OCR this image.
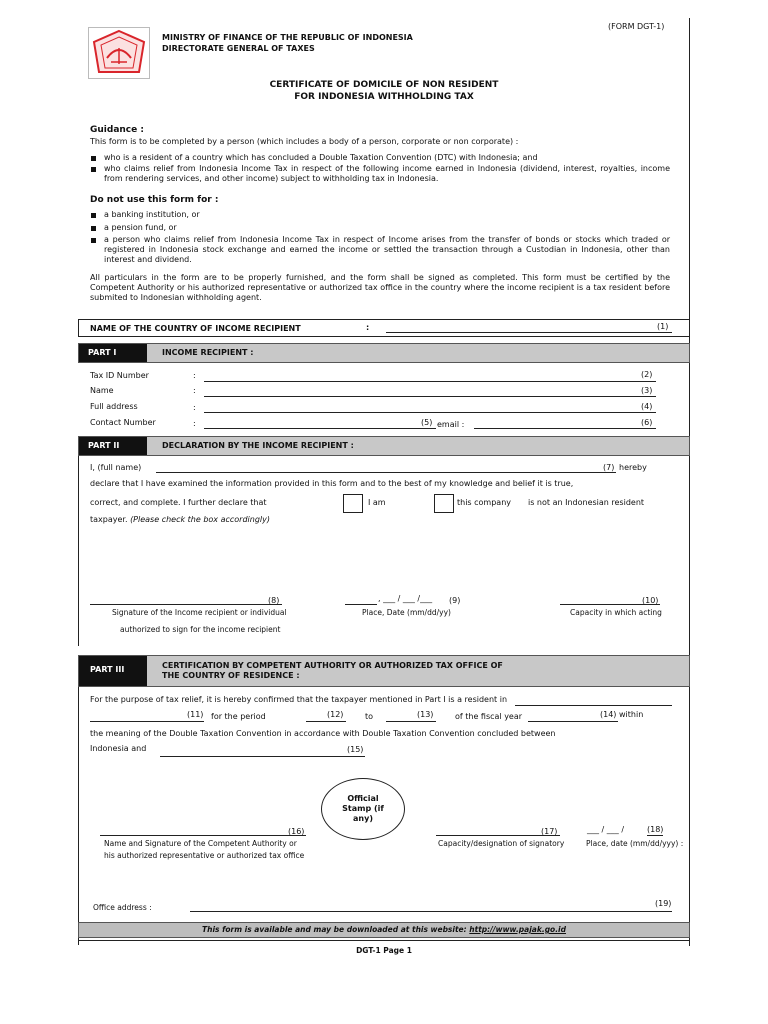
(FORM DGT-1)
MINISTRY OF FINANCE OF THE REPUBLIC OF INDONESIA
DIRECTORATE GENERAL OF TAXES
CERTIFICATE OF DOMICILE OF NON RESIDENT
FOR INDONESIA WITHHOLDING TAX
Guidance :
This form is to be completed by a person (which includes a body of a person, corporate or non corporate) :
who is a resident of a country which has concluded a Double Taxation Convention (DTC) with Indonesia; and
who claims relief from Indonesia Income Tax in respect of the following income earned in Indonesia (dividend, interest, royalties, income from rendering services, and other income) subject to withholding tax in Indonesia.
Do not use this form for :
a banking institution, or
a pension fund, or
a person who claims relief from Indonesia Income Tax in respect of Income arises from the transfer of bonds or stocks which traded or registered in Indonesia stock exchange and earned the income or settled the transaction through a Custodian in Indonesia, other than interest and dividend.
All particulars in the form are to be properly furnished, and the form shall be signed as completed. This form must be certified by the Competent Authority or his authorized representative or authorized tax office in the country where the income recipient is a tax resident before submited to Indonesian withholding agent.
NAME OF THE COUNTRY OF INCOME RECIPIENT	:	(1)
PART I	INCOME RECIPIENT :
Tax ID Number	:	(2)
Name	:	(3)
Full address	:	(4)
Contact Number	:	(5) email :	(6)
PART II	DECLARATION BY THE INCOME RECIPIENT :
I, (full name)	(7) hereby
declare that I have examined the information provided in this form and to the best of my knowledge and belief it is true,
correct, and complete. I further declare that	I am	this company is not an Indonesian resident
taxpayer. (Please check the box accordingly)
(8)
Signature of the Income recipient or individual
authorized to sign for the income recipient
, ___ / ___ /___ (9)
Place, Date (mm/dd/yy)
(10)
Capacity in which acting
PART III	CERTIFICATION BY COMPETENT AUTHORITY OR AUTHORIZED TAX OFFICE OF
THE COUNTRY OF RESIDENCE :
For the purpose of tax relief, it is hereby confirmed that the taxpayer mentioned in Part I is a resident in
(11) for the period	(12)	to	(13)	of the fiscal year	(14) within
the meaning of the Double Taxation Convention in accordance with Double Taxation Convention concluded between
Indonesia and	(15)
Official Stamp (if any)
(16)
Name and Signature of the Competent Authority or
his authorized representative or authorized tax office
(17)
Capacity/designation of signatory
___ / ___ /	(18)
Place, date (mm/dd/yyy) :
Office address :	(19)
This form is available and may be downloaded at this website: http://www.pajak.go.id
DGT-1 Page 1
